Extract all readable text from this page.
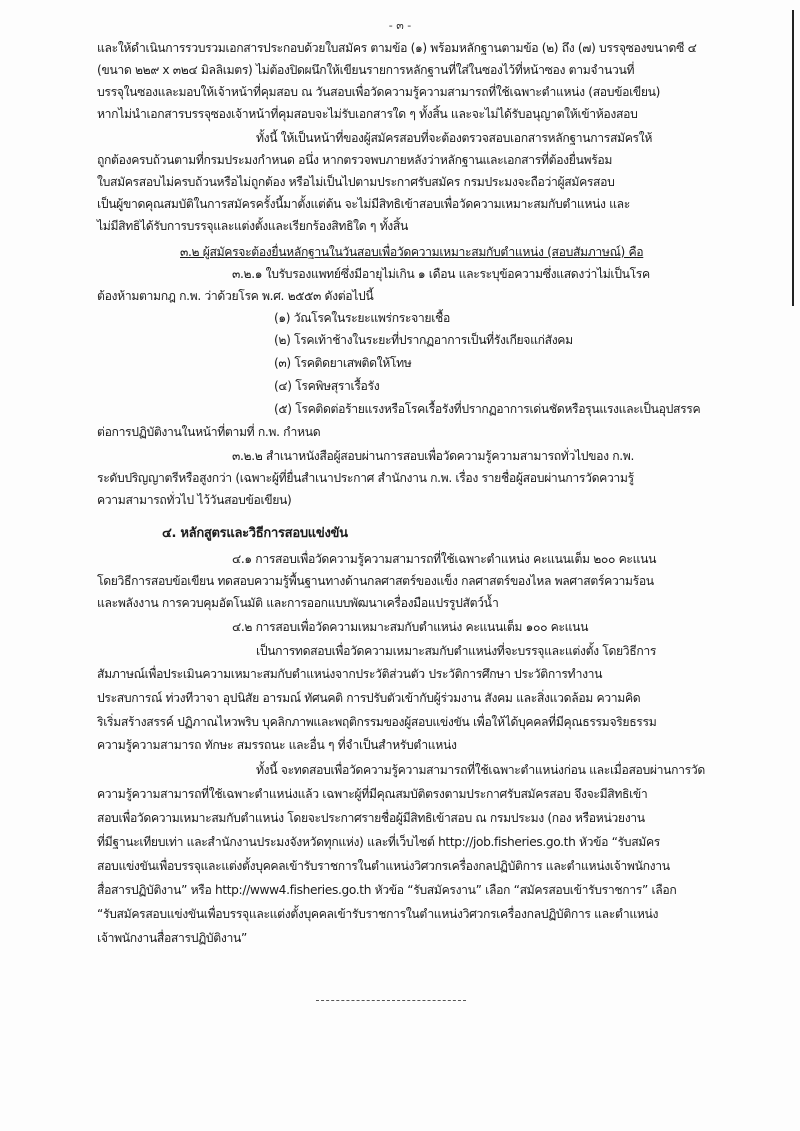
- ๓ -
และให้ดำเนินการรวบรวมเอกสารประกอบด้วยใบสมัคร ตามข้อ (๑) พร้อมหลักฐานตามข้อ (๒) ถึง (๗) บรรจุซองขนาดซี ๔
(ขนาด ๒๒๙ x ๓๒๔ มิลลิเมตร) ไม่ต้องปิดผนึกให้เขียนรายการหลักฐานที่ใส่ในซองไว้ที่หน้าซอง ตามจำนวนที่
บรรจุในซองและมอบให้เจ้าหน้าที่คุมสอบ ณ วันสอบเพื่อวัดความรู้ความสามารถที่ใช้เฉพาะตำแหน่ง (สอบข้อเขียน)
หากไม่นำเอกสารบรรจุซองเจ้าหน้าที่คุมสอบจะไม่รับเอกสารใด ๆ ทั้งสิ้น และจะไม่ได้รับอนุญาตให้เข้าห้องสอบ
ทั้งนี้ ให้เป็นหน้าที่ของผู้สมัครสอบที่จะต้องตรวจสอบเอกสารหลักฐานการสมัครให้
ถูกต้องครบถ้วนตามที่กรมประมงกำหนด อนึ่ง หากตรวจพบภายหลังว่าหลักฐานและเอกสารที่ต้องยื่นพร้อม
ใบสมัครสอบไม่ครบถ้วนหรือไม่ถูกต้อง หรือไม่เป็นไปตามประกาศรับสมัคร กรมประมงจะถือว่าผู้สมัครสอบ
เป็นผู้ขาดคุณสมบัติในการสมัครครั้งนี้มาตั้งแต่ต้น จะไม่มีสิทธิเข้าสอบเพื่อวัดความเหมาะสมกับตำแหน่ง และ
ไม่มีสิทธิได้รับการบรรจุและแต่งตั้งและเรียกร้องสิทธิใด ๆ ทั้งสิ้น
๓.๒ ผู้สมัครจะต้องยื่นหลักฐานในวันสอบเพื่อวัดความเหมาะสมกับตำแหน่ง (สอบสัมภาษณ์) คือ
๓.๒.๑ ใบรับรองแพทย์ซึ่งมีอายุไม่เกิน ๑ เดือน และระบุข้อความซึ่งแสดงว่าไม่เป็นโรค
ต้องห้ามตามกฎ ก.พ. ว่าด้วยโรค พ.ศ. ๒๕๕๓ ดังต่อไปนี้
(๑) วัณโรคในระยะแพร่กระจายเชื้อ
(๒) โรคเท้าช้างในระยะที่ปรากฏอาการเป็นที่รังเกียจแก่สังคม
(๓) โรคติดยาเสพติดให้โทษ
(๔) โรคพิษสุราเรื้อรัง
(๕) โรคติดต่อร้ายแรงหรือโรคเรื้อรังที่ปรากฏอาการเด่นชัดหรือรุนแรงและเป็นอุปสรรค
ต่อการปฏิบัติงานในหน้าที่ตามที่ ก.พ. กำหนด
๓.๒.๒ สำเนาหนังสือผู้สอบผ่านการสอบเพื่อวัดความรู้ความสามารถทั่วไปของ ก.พ.
ระดับปริญญาตรีหรือสูงกว่า (เฉพาะผู้ที่ยื่นสำเนาประกาศ สำนักงาน ก.พ. เรื่อง รายชื่อผู้สอบผ่านการวัดความรู้
ความสามารถทั่วไป ไว้วันสอบข้อเขียน)
๔. หลักสูตรและวิธีการสอบแข่งขัน
๔.๑ การสอบเพื่อวัดความรู้ความสามารถที่ใช้เฉพาะตำแหน่ง คะแนนเต็ม ๒๐๐ คะแนน
โดยวิธีการสอบข้อเขียน ทดสอบความรู้พื้นฐานทางด้านกลศาสตร์ของแข็ง กลศาสตร์ของไหล พลศาสตร์ความร้อน
และพลังงาน การควบคุมอัตโนมัติ และการออกแบบพัฒนาเครื่องมือแปรรูปสัตว์น้ำ
๔.๒ การสอบเพื่อวัดความเหมาะสมกับตำแหน่ง คะแนนเต็ม ๑๐๐ คะแนน
เป็นการทดสอบเพื่อวัดความเหมาะสมกับตำแหน่งที่จะบรรจุและแต่งตั้ง โดยวิธีการ
สัมภาษณ์เพื่อประเมินความเหมาะสมกับตำแหน่งจากประวัติส่วนตัว ประวัติการศึกษา ประวัติการทำงาน
ประสบการณ์ ท่วงทีวาจา อุปนิสัย อารมณ์ ทัศนคติ การปรับตัวเข้ากับผู้ร่วมงาน สังคม และสิ่งแวดล้อม ความคิด
ริเริ่มสร้างสรรค์ ปฏิภาณไหวพริบ บุคลิกภาพและพฤติกรรมของผู้สอบแข่งขัน เพื่อให้ได้บุคคลที่มีคุณธรรมจริยธรรม
ความรู้ความสามารถ ทักษะ สมรรถนะ และอื่น ๆ ที่จำเป็นสำหรับตำแหน่ง
ทั้งนี้ จะทดสอบเพื่อวัดความรู้ความสามารถที่ใช้เฉพาะตำแหน่งก่อน และเมื่อสอบผ่านการวัด
ความรู้ความสามารถที่ใช้เฉพาะตำแหน่งแล้ว เฉพาะผู้ที่มีคุณสมบัติตรงตามประกาศรับสมัครสอบ จึงจะมีสิทธิเข้า
สอบเพื่อวัดความเหมาะสมกับตำแหน่ง โดยจะประกาศรายชื่อผู้มีสิทธิเข้าสอบ ณ กรมประมง (กอง หรือหน่วยงาน
ที่มีฐานะเทียบเท่า และสำนักงานประมงจังหวัดทุกแห่ง) และที่เว็บไซต์ http://job.fisheries.go.th หัวข้อ “รับสมัคร
สอบแข่งขันเพื่อบรรจุและแต่งตั้งบุคคลเข้ารับราชการในตำแหน่งวิศวกรเครื่องกลปฏิบัติการ และตำแหน่งเจ้าพนักงาน
สื่อสารปฏิบัติงาน” หรือ http://www4.fisheries.go.th หัวข้อ “รับสมัครงาน” เลือก “สมัครสอบเข้ารับราชการ” เลือก
“รับสมัครสอบแข่งขันเพื่อบรรจุและแต่งตั้งบุคคลเข้ารับราชการในตำแหน่งวิศวกรเครื่องกลปฏิบัติการ และตำแหน่ง
เจ้าพนักงานสื่อสารปฏิบัติงาน”
